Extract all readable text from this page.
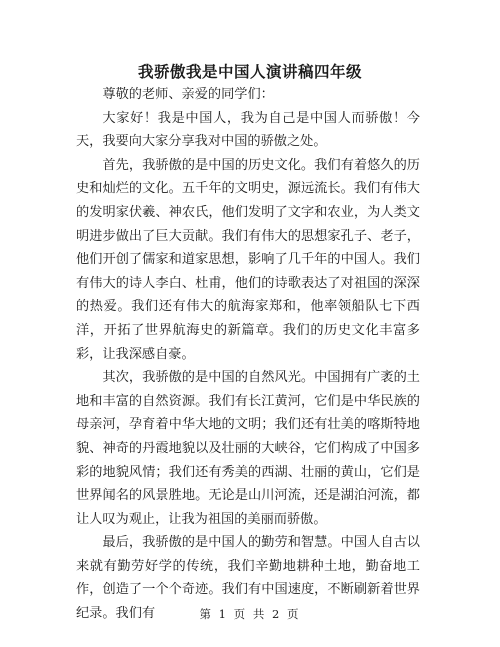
我骄傲我是中国人演讲稿四年级

尊敬的老师、亲爱的同学们：

大家好！我是中国人，我为自己是中国人而骄傲！今天，我要向大家分享我对中国的骄傲之处。

首先，我骄傲的是中国的历史文化。我们有着悠久的历史和灿烂的文化。五千年的文明史，源远流长。我们有伟大的发明家伏羲、神农氏，他们发明了文字和农业，为人类文明进步做出了巨大贡献。我们有伟大的思想家孔子、老子，他们开创了儒家和道家思想，影响了几千年的中国人。我们有伟大的诗人李白、杜甫，他们的诗歌表达了对祖国的深深的热爱。我们还有伟大的航海家郑和，他率领船队七下西洋，开拓了世界航海史的新篇章。我们的历史文化丰富多彩，让我深感自豪。

其次，我骄傲的是中国的自然风光。中国拥有广袤的土地和丰富的自然资源。我们有长江黄河，它们是中华民族的母亲河，孕育着中华大地的文明；我们还有壮美的喀斯特地貌、神奇的丹霞地貌以及壮丽的大峡谷，它们构成了中国多彩的地貌风情；我们还有秀美的西湖、壮丽的黄山，它们是世界闻名的风景胜地。无论是山川河流，还是湖泊河流，都让人叹为观止，让我为祖国的美丽而骄傲。

最后，我骄傲的是中国人的勤劳和智慧。中国人自古以来就有勤劳好学的传统，我们辛勤地耕种土地，勤奋地工作，创造了一个个奇迹。我们有中国速度，不断刷新着世界纪录。我们有	第 1 页 共 2 页
